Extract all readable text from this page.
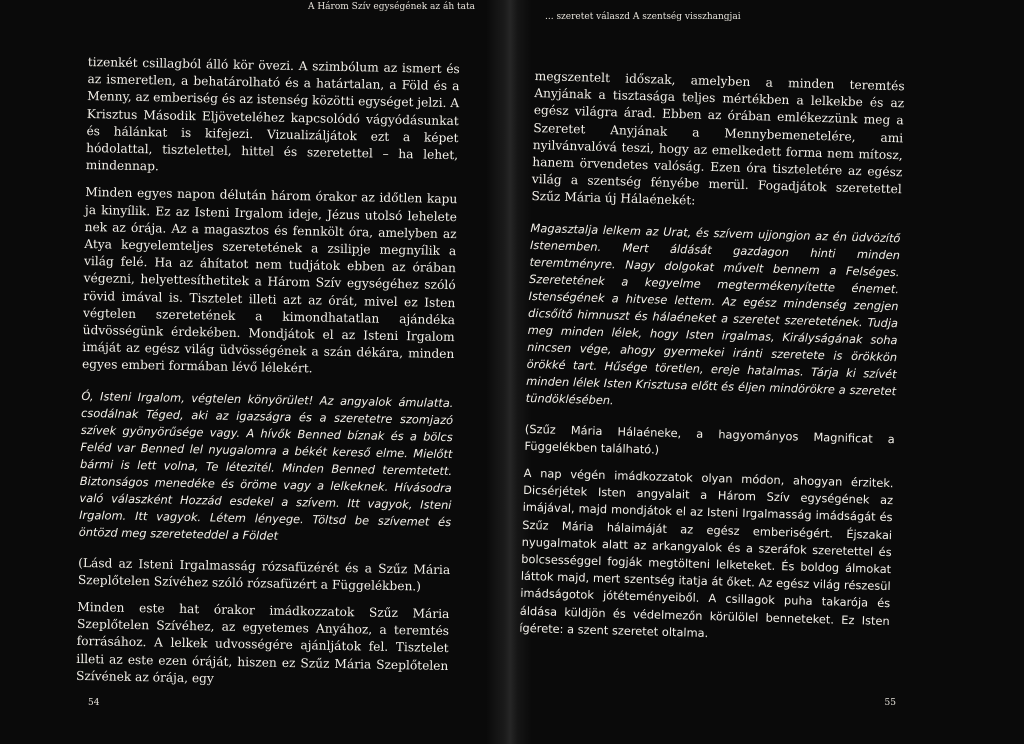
A Három Szív egységének az áh tata

tizenkét csillagból álló kör övezi. A szimbólum az ismert és az ismeretlen, a behatárolható és a határtalan, a Föld és a Menny, az emberiség és az istenség közötti egységet jelzi. A Krisztus Második Eljöveteléhez kapcsolódó vágyódásunkat és hálánkat is kifejezi. Vizualizáljátok ezt a képet hódolattal, tisztelettel, hittel és szeretettel – ha lehet, mindennap.

Minden egyes napon délután három órakor az időtlen kapu ja kinyílik. Ez az Isteni Irgalom ideje, Jézus utolsó lehelete nek az órája. Az a magasztos és fennkölt óra, amelyben az Atya kegyelemteljes szeretetének a zsilipje megnyílik a világ felé. Ha az áhítatot nem tudjátok ebben az órában végezni, helyettesíthetitek a Három Szív egységéhez szóló rövid imával is. Tisztelet illeti azt az órát, mivel ez Isten végtelen szeretetének a kimondhatatlan ajándéka üdvösségünk érdekében. Mondjátok el az Isteni Irgalom imáját az egész világ üdvösségének a szán dékára, minden egyes emberi formában lévő lélekért.

Ó, Isteni Irgalom, végtelen könyörület! Az angyalok ámulatta. csodálnak Téged, aki az igazságra és a szeretetre szomjazó szívek gyönyörűsége vagy. A hívők Benned bíznak és a bölcs Feléd var Benned lel nyugalomra a békét kereső elme. Mielőtt bármi is lett volna, Te létezitél. Minden Benned teremtetett. Biztonságos menedéke és öröme vagy a lelkeknek. Hívásodra való válaszként Hozzád esdekel a szívem. Itt vagyok, Isteni Irgalom. Itt vagyok. Létem lényege. Töltsd be szívemet és öntözd meg szereteteddel a Földet

(Lásd az Isteni Irgalmasság rózsafüzérét és a Szűz Mária Szeplőtelen Szívéhez szóló rózsafüzért a Függelékben.)

Minden este hat órakor imádkozzatok Szűz Mária Szeplőtelen Szívéhez, az egyetemes Anyához, a teremtés forrásához. A lelkek udvosségére ajánljátok fel. Tisztelet illeti az este ezen óráját, hiszen ez Szűz Mária Szeplőtelen Szívének az órája, egy

54
... szeretet válaszd A szentség visszhangjai

megszentelt időszak, amelyben a minden teremtés Anyjának a tisztasága teljes mértékben a lelkekbe és az egész világra árad. Ebben az órában emlékezzünk meg a Szeretet Anyjának a Mennybemenetelére, ami nyilvánvalóvá teszi, hogy az emelkedett forma nem mítosz, hanem örvendetes valóság. Ezen óra tiszteletére az egész világ a szentség fényébe merül. Fogadjátok szeretettel Szűz Mária új Hálaénekét:

Magasztalja lelkem az Urat, és szívem ujjongjon az én üdvözítő Istenemben. Mert áldását gazdagon hinti minden teremtményre. Nagy dolgokat művelt bennem a Felséges. Szeretetének a kegyelme megtermékenyítette énemet. Istenségének a hitvese lettem. Az egész mindenség zengjen dicsőítő himnuszt és hálaéneket a szeretet szeretetének. Tudja meg minden lélek, hogy Isten irgalmas, Királyságának soha nincsen vége, ahogy gyermekei iránti szeretete is örökkön örökké tart. Hűsége töretlen, ereje hatalmas. Tárja ki szívét minden lélek Isten Krisztusa előtt és éljen mindörökre a szeretet tündöklésében.

(Szűz Mária Hálaéneke, a hagyományos Magnificat a Függelékben található.)

A nap végén imádkozzatok olyan módon, ahogyan érzitek. Dicsérjétek Isten angyalait a Három Szív egységének az imájával, majd mondjátok el az Isteni Irgalmasság imádságát és Szűz Mária hálaimáját az egész emberiségért. Éjszakai nyugalmatok alatt az arkangyalok és a szeráfok szeretettel és bolcsességgel fogják megtölteni lelketeket. És boldog álmokat láttok majd, mert szentség itatja át őket. Az egész világ részesül imádságotok jótéteményeiből. A csillagok puha takarója és áldása küldjön és védelmezőn körülölel benneteket. Ez Isten ígérete: a szent szeretet oltalma.

55
